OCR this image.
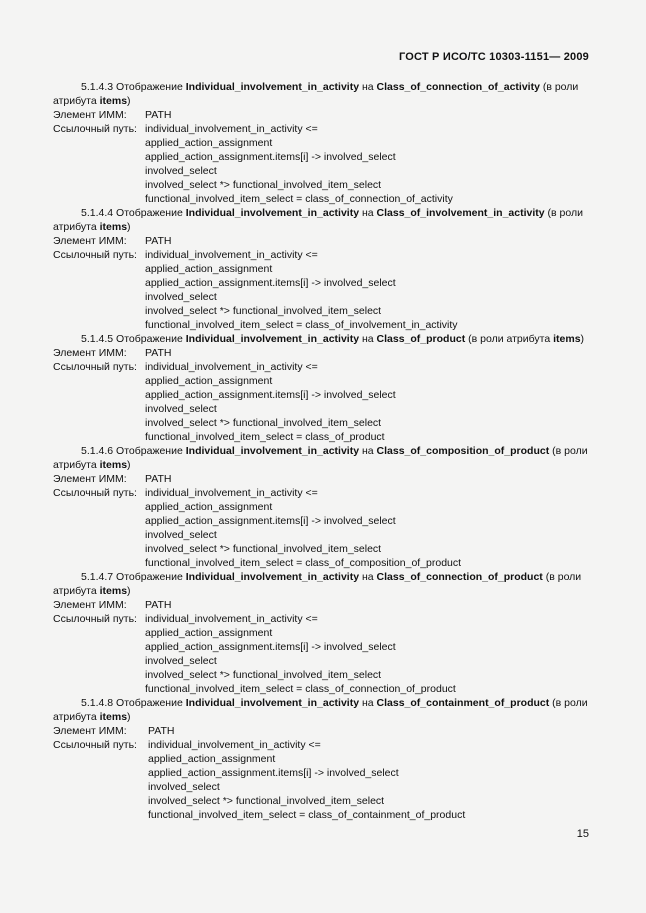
ГОСТ Р ИСО/ТС 10303-1151— 2009
5.1.4.3 Отображение Individual_involvement_in_activity на Class_of_connection_of_activity (в роли атрибута items)
Элемент ИММ:	PATH
Ссылочный путь: individual_involvement_in_activity <=
applied_action_assignment
applied_action_assignment.items[i] -> involved_select
involved_select
involved_select *> functional_involved_item_select
functional_involved_item_select = class_of_connection_of_activity
5.1.4.4 Отображение Individual_involvement_in_activity на Class_of_involvement_in_activity (в роли атрибута items)
Элемент ИММ:	PATH
Ссылочный путь: individual_involvement_in_activity <=
applied_action_assignment
applied_action_assignment.items[i] -> involved_select
involved_select
involved_select *> functional_involved_item_select
functional_involved_item_select = class_of_involvement_in_activity
5.1.4.5 Отображение Individual_involvement_in_activity на Class_of_product (в роли атрибута items)
Элемент ИММ:	PATH
Ссылочный путь: individual_involvement_in_activity <=
applied_action_assignment
applied_action_assignment.items[i] -> involved_select
involved_select
involved_select *> functional_involved_item_select
functional_involved_item_select = class_of_product
5.1.4.6 Отображение Individual_involvement_in_activity на Class_of_composition_of_product (в роли атрибута items)
Элемент ИММ:	PATH
Ссылочный путь: individual_involvement_in_activity <=
applied_action_assignment
applied_action_assignment.items[i] -> involved_select
involved_select
involved_select *> functional_involved_item_select
functional_involved_item_select = class_of_composition_of_product
5.1.4.7 Отображение Individual_involvement_in_activity на Class_of_connection_of_product (в роли атрибута items)
Элемент ИММ:	PATH
Ссылочный путь: individual_involvement_in_activity <=
applied_action_assignment
applied_action_assignment.items[i] -> involved_select
involved_select
involved_select *> functional_involved_item_select
functional_involved_item_select = class_of_connection_of_product
5.1.4.8 Отображение Individual_involvement_in_activity на Class_of_containment_of_product (в роли атрибута items)
Элемент ИММ:	PATH
Ссылочный путь:	individual_involvement_in_activity <=
applied_action_assignment
applied_action_assignment.items[i] -> involved_select
involved_select
involved_select *> functional_involved_item_select
functional_involved_item_select = class_of_containment_of_product
15
